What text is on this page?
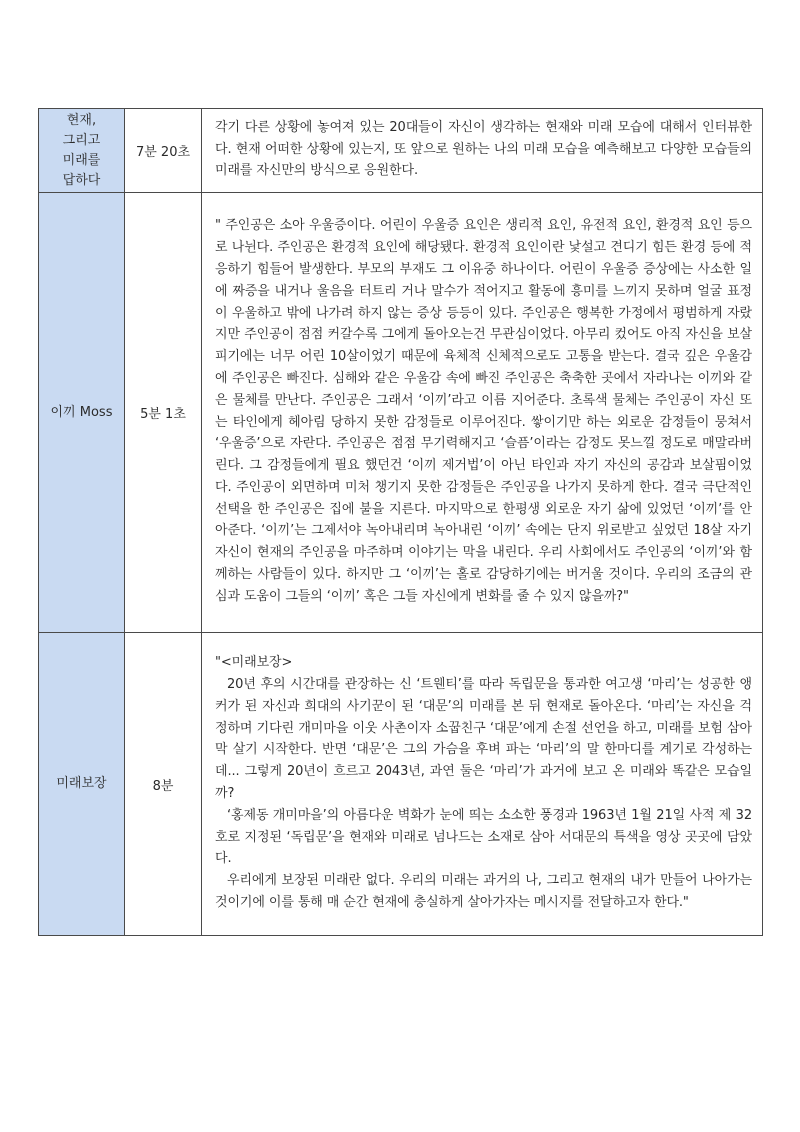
현재,
그리고
미래를
답하다	7분 20초	각기 다른 상황에 놓여져 있는 20대들이 자신이 생각하는 현재와 미래 모습에 대해서 인터뷰한다. 현재 어떠한 상황에 있는지, 또 앞으로 원하는 나의 미래 모습을 예측해보고 다양한 모습들의 미래를 자신만의 방식으로 응원한다.

이끼 Moss	5분 1초	" 주인공은 소아 우울증이다. 어린이 우울증 요인은 생리적 요인, 유전적 요인, 환경적 요인 등으로 나뉜다. 주인공은 환경적 요인에 해당됐다. 환경적 요인이란 낯설고 견디기 힘든 환경 등에 적응하기 힘들어 발생한다. 부모의 부재도 그 이유중 하나이다. 어린이 우울증 증상에는 사소한 일에 짜증을 내거나 울음을 터트리 거나 말수가 적어지고 활동에 흥미를 느끼지 못하며 얼굴 표정이 우울하고 밖에 나가려 하지 않는 증상 등등이 있다. 주인공은 행복한 가정에서 평범하게 자랐지만 주인공이 점점 커갈수록 그에게 돌아오는건 무관심이었다. 아무리 컸어도 아직 자신을 보살피기에는 너무 어린 10살이었기 때문에 육체적 신체적으로도 고통을 받는다. 결국 깊은 우울감에 주인공은 빠진다. 심해와 같은 우울감 속에 빠진 주인공은 축축한 곳에서 자라나는 이끼와 같은 물체를 만난다. 주인공은 그래서 ‘이끼’라고 이름 지어준다. 초록색 물체는 주인공이 자신 또는 타인에게 헤아림 당하지 못한 감정들로 이루어진다. 쌓이기만 하는 외로운 감정들이 뭉쳐서 ‘우울증’으로 자란다. 주인공은 점점 무기력해지고 ‘슬픔’이라는 감정도 못느낄 정도로 매말라버린다. 그 감정들에게 필요 했던건 ‘이끼 제거법’이 아닌 타인과 자기 자신의 공감과 보살핌이었다. 주인공이 외면하며 미처 챙기지 못한 감정들은 주인공을 나가지 못하게 한다. 결국 극단적인 선택을 한 주인공은 집에 불을 지른다. 마지막으로 한평생 외로운 자기 삶에 있었던 ‘이끼’를 안아준다. ‘이끼’는 그제서야 녹아내리며 녹아내린 ‘이끼’ 속에는 단지 위로받고 싶었던 18살 자기 자신이 현재의 주인공을 마주하며 이야기는 막을 내린다. 우리 사회에서도 주인공의 ‘이끼’와 함께하는 사람들이 있다. 하지만 그 ‘이끼’는 홀로 감당하기에는 버거울 것이다. 우리의 조금의 관심과 도움이 그들의 ‘이끼’ 혹은 그들 자신에게 변화를 줄 수 있지 않을까?"

미래보장	8분	"<미래보장>
20년 후의 시간대를 관장하는 신 ‘트웬티’를 따라 독립문을 통과한 여고생 ‘마리’는 성공한 앵커가 된 자신과 희대의 사기꾼이 된 ‘대문’의 미래를 본 뒤 현재로 돌아온다. ‘마리’는 자신을 걱정하며 기다린 개미마을 이웃 사촌이자 소꿉친구 ‘대문’에게 손절 선언을 하고, 미래를 보험 삼아 막 살기 시작한다. 반면 ‘대문’은 그의 가슴을 후벼 파는 ‘마리’의 말 한마디를 계기로 각성하는데... 그렇게 20년이 흐르고 2043년, 과연 둘은 ‘마리’가 과거에 보고 온 미래와 똑같은 모습일까?
‘홍제동 개미마을’의 아름다운 벽화가 눈에 띄는 소소한 풍경과 1963년 1월 21일 사적 제 32호로 지정된 ‘독립문’을 현재와 미래로 넘나드는 소재로 삼아 서대문의 특색을 영상 곳곳에 담았다.
우리에게 보장된 미래란 없다. 우리의 미래는 과거의 나, 그리고 현재의 내가 만들어 나아가는 것이기에 이를 통해 매 순간 현재에 충실하게 살아가자는 메시지를 전달하고자 한다."
